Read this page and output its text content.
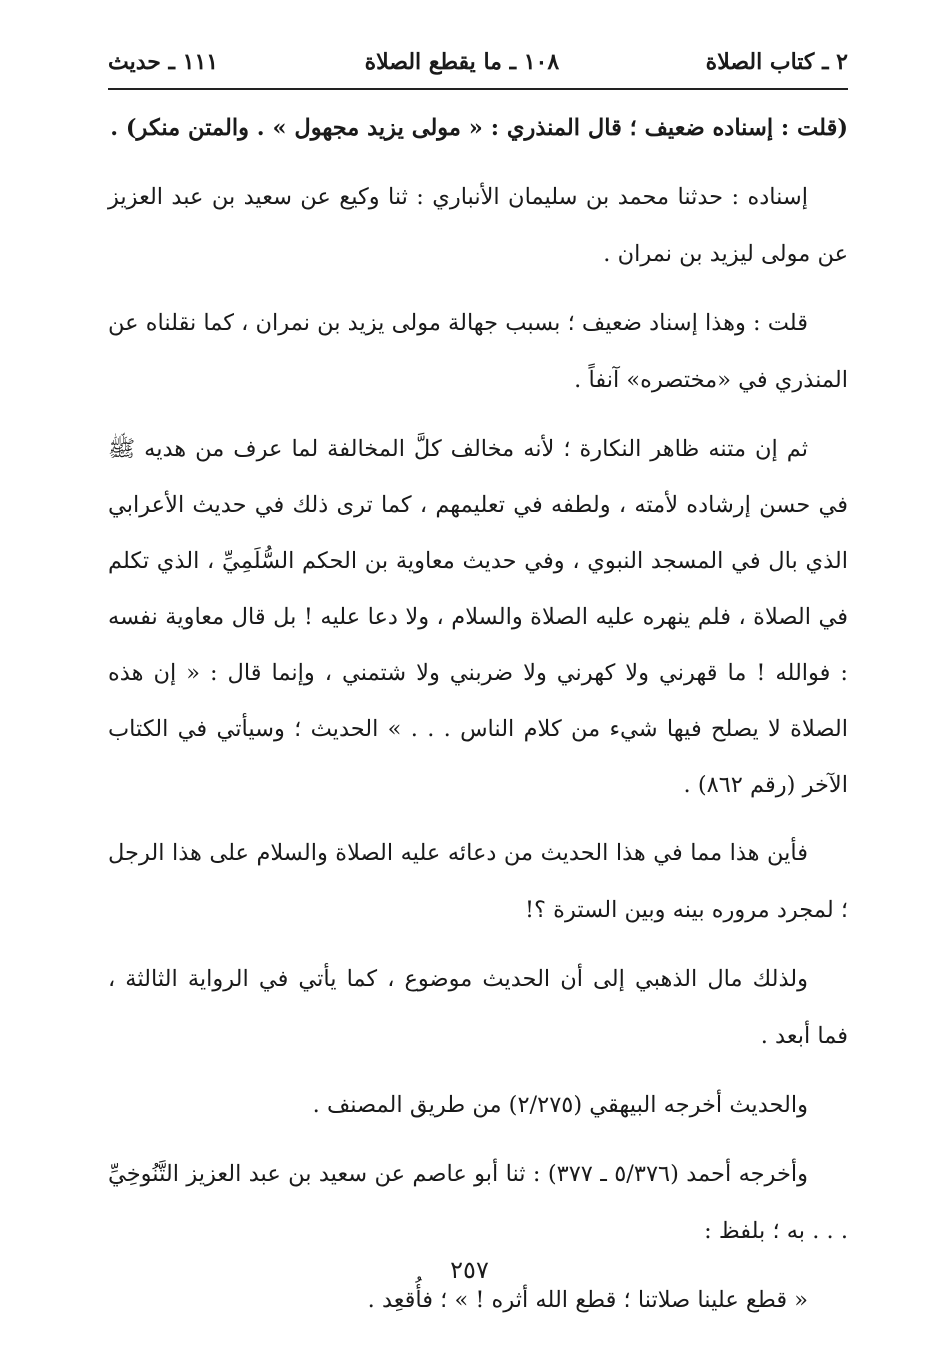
٢ ـ كتاب الصلاة
١٠٨ ـ ما يقطع الصلاة
١١١ ـ حديث

(قلت : إسناده ضعيف ؛ قال المنذري : « مولى يزيد مجهول » . والمتن منكر) .

إسناده : حدثنا محمد بن سليمان الأنباري : ثنا وكيع عن سعيد بن عبد العزيز عن مولى ليزيد بن نمران .

قلت : وهذا إسناد ضعيف ؛ بسبب جهالة مولى يزيد بن نمران ، كما نقلناه عن المنذري في «مختصره» آنفاً .

ثم إن متنه ظاهر النكارة ؛ لأنه مخالف كلَّ المخالفة لما عرف من هديه ﷺ في حسن إرشاده لأمته ، ولطفه في تعليمهم ، كما ترى ذلك في حديث الأعرابي الذي بال في المسجد النبوي ، وفي حديث معاوية بن الحكم السُّلَمِيِّ ، الذي تكلم في الصلاة ، فلم ينهره عليه الصلاة والسلام ، ولا دعا عليه ! بل قال معاوية نفسه : فوالله ! ما قهرني ولا كهرني ولا ضربني ولا شتمني ، وإنما قال : « إن هذه الصلاة لا يصلح فيها شيء من كلام الناس . . . » الحديث ؛ وسيأتي في الكتاب الآخر (رقم ٨٦٢) .

فأين هذا مما في هذا الحديث من دعائه عليه الصلاة والسلام على هذا الرجل ؛ لمجرد مروره بينه وبين السترة ؟!

ولذلك مال الذهبي إلى أن الحديث موضوع ، كما يأتي في الرواية الثالثة ، فما أبعد .

والحديث أخرجه البيهقي (٢/٢٧٥) من طريق المصنف .

وأخرجه أحمد (٥/٣٧٦ ـ ٣٧٧) : ثنا أبو عاصم عن سعيد بن عبد العزيز التَّنُوخِيِّ . . . به ؛ بلفظ :

« قطع علينا صلاتنا ؛ قطع الله أثره ! » ؛ فأُقعِد .

٢٥٧
